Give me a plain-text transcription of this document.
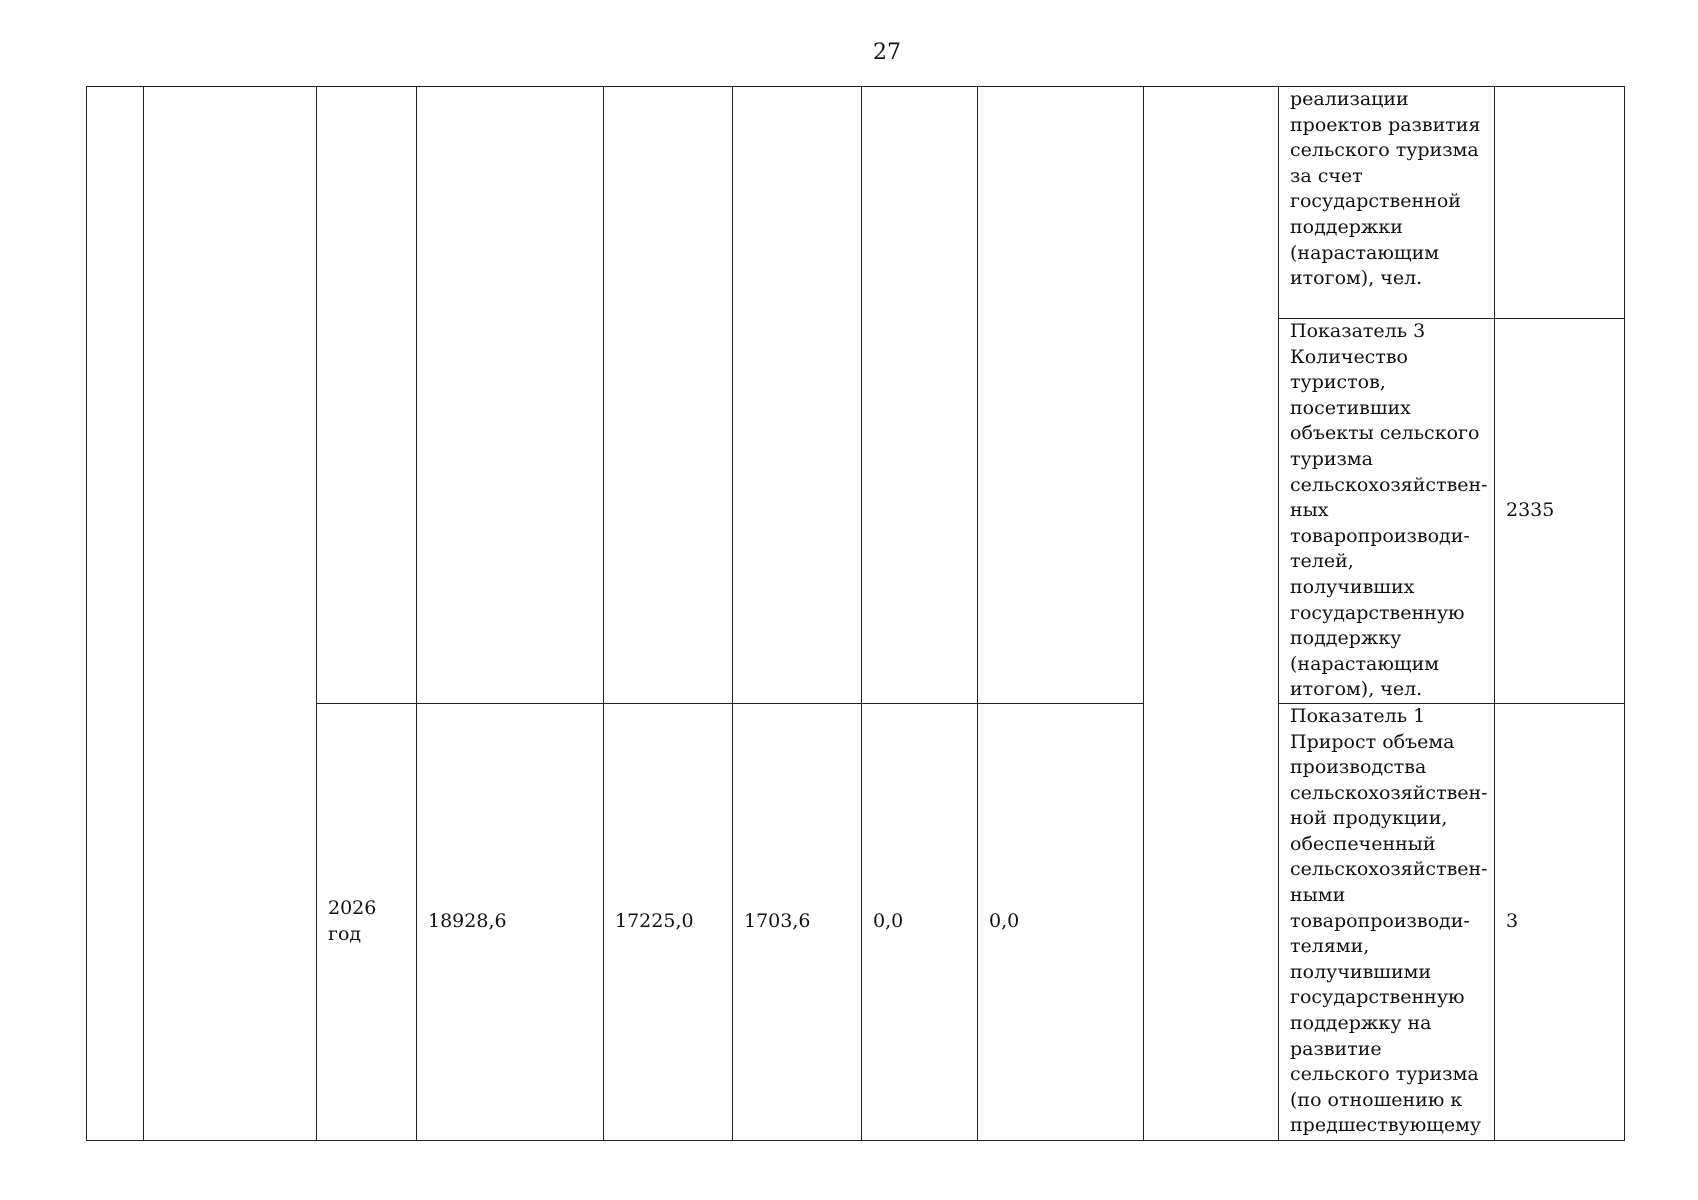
27

									реализации проектов развития сельского туризма за счет государственной поддержки (нарастающим итогом), чел.	

									Показатель 3 Количество туристов, посетивших объекты сельского туризма сельскохозяйствен-ных товаропроизводи-телей, получивших государственную поддержку (нарастающим итогом), чел.	2335
		2026 год	18928,6	17225,0	1703,6	0,0	0,0		Показатель 1 Прирост объема производства сельскохозяйствен-ной продукции, обеспеченный сельскохозяйствен-ными товаропроизводи-телями, получившими государственную поддержку на развитие сельского туризма (по отношению к предшествующему	3
